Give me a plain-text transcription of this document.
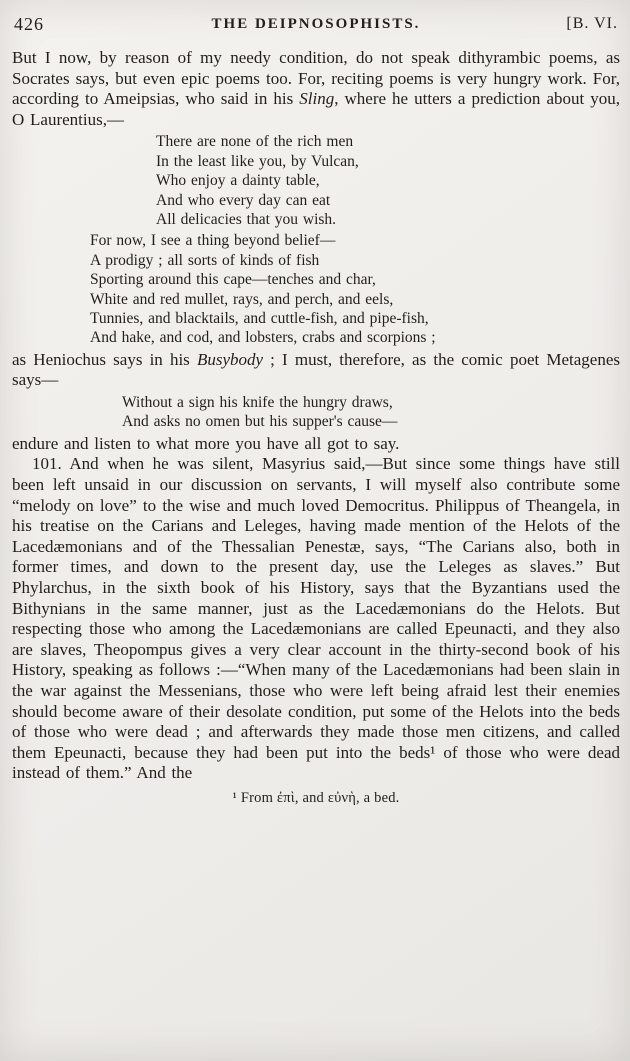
426	THE DEIPNOSOPHISTS.	[B. VI.

But I now, by reason of my needy condition, do not speak dithyrambic poems, as Socrates says, but even epic poems too. For, reciting poems is very hungry work. For, according to Ameipsias, who said in his Sling, where he utters a prediction about you, O Laurentius,—

There are none of the rich men
In the least like you, by Vulcan,
Who enjoy a dainty table,
And who every day can eat
All delicacies that you wish.
For now, I see a thing beyond belief—
A prodigy ; all sorts of kinds of fish
Sporting around this cape—tenches and char,
White and red mullet, rays, and perch, and eels,
Tunnies, and blacktails, and cuttle-fish, and pipe-fish,
And hake, and cod, and lobsters, crabs and scorpions ;

as Heniochus says in his Busybody ; I must, therefore, as the comic poet Metagenes says—

Without a sign his knife the hungry draws,
And asks no omen but his supper's cause—

endure and listen to what more you have all got to say.

101. And when he was silent, Masyrius said,—But since some things have still been left unsaid in our discussion on servants, I will myself also contribute some “melody on love” to the wise and much loved Democritus. Philippus of Theangela, in his treatise on the Carians and Leleges, having made mention of the Helots of the Lacedæmonians and of the Thessalian Penestæ, says, “The Carians also, both in former times, and down to the present day, use the Leleges as slaves.” But Phylarchus, in the sixth book of his History, says that the Byzantians used the Bithynians in the same manner, just as the Lacedæmonians do the Helots. But respecting those who among the Lacedæmonians are called Epeunacti, and they also are slaves, Theopompus gives a very clear account in the thirty-second book of his History, speaking as follows :—“When many of the Lacedæmonians had been slain in the war against the Messenians, those who were left being afraid lest their enemies should become aware of their desolate condition, put some of the Helots into the beds of those who were dead ; and afterwards they made those men citizens, and called them Epeunacti, because they had been put into the beds¹ of those who were dead instead of them.” And the

¹ From ἐπὶ, and εὐνὴ, a bed.
